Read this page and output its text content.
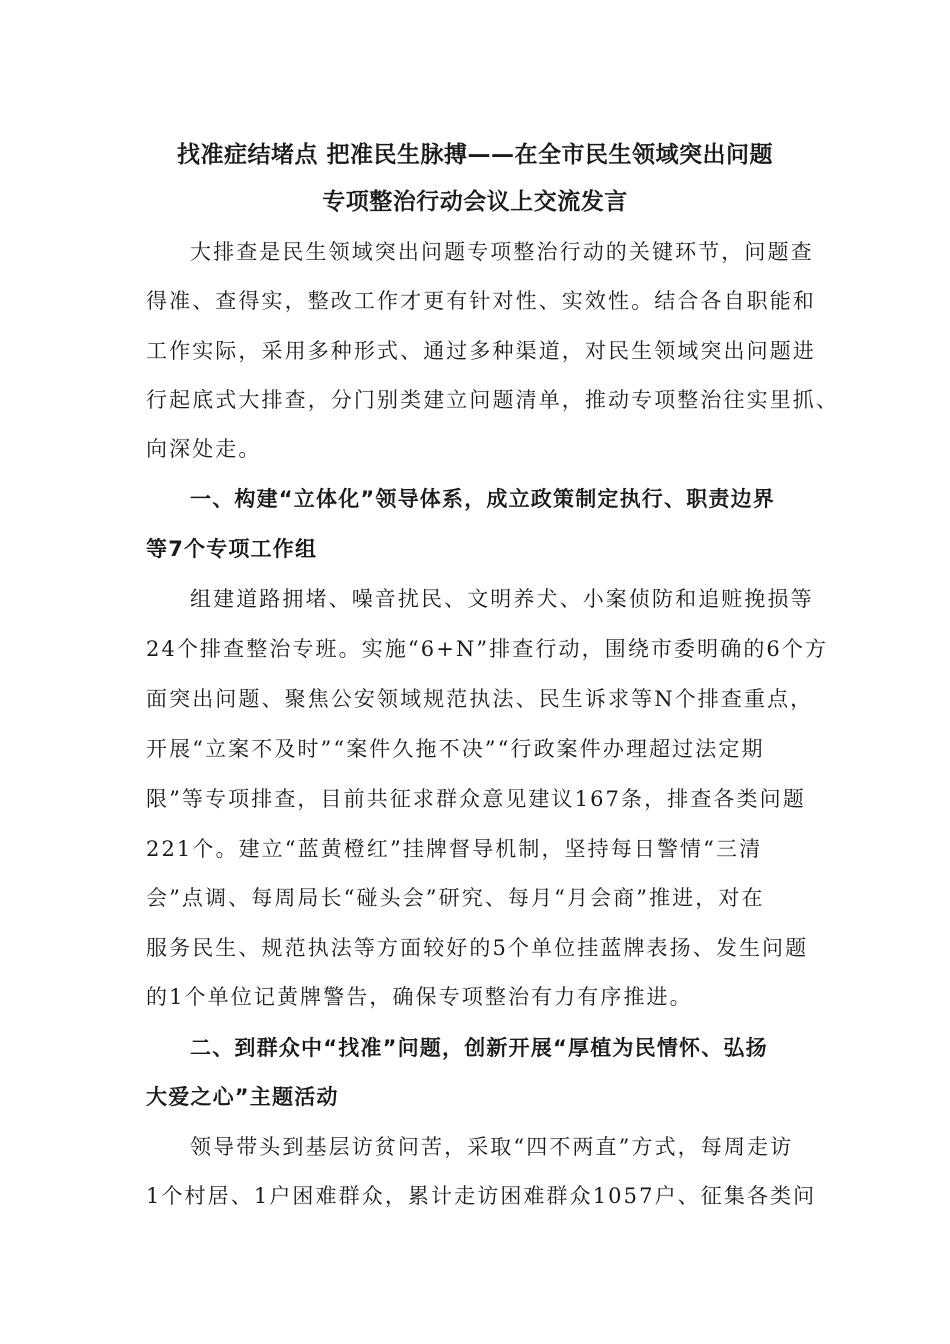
找准症结堵点 把准民生脉搏——在全市民生领域突出问题
专项整治行动会议上交流发言
大排查是民生领域突出问题专项整治行动的关键环节，问题查
得准、查得实，整改工作才更有针对性、实效性。结合各自职能和
工作实际，采用多种形式、通过多种渠道，对民生领域突出问题进
行起底式大排查，分门别类建立问题清单，推动专项整治往实里抓、
向深处走。
一、构建“立体化”领导体系，成立政策制定执行、职责边界
等7个专项工作组
组建道路拥堵、噪音扰民、文明养犬、小案侦防和追赃挽损等
24个排查整治专班。实施“6+N”排查行动，围绕市委明确的6个方
面突出问题、聚焦公安领域规范执法、民生诉求等N个排查重点，
开展“立案不及时”“案件久拖不决”“行政案件办理超过法定期
限”等专项排查，目前共征求群众意见建议167条，排查各类问题
221个。建立“蓝黄橙红”挂牌督导机制，坚持每日警情“三清
会”点调、每周局长“碰头会”研究、每月“月会商”推进，对在
服务民生、规范执法等方面较好的5个单位挂蓝牌表扬、发生问题
的1个单位记黄牌警告，确保专项整治有力有序推进。
二、到群众中“找准”问题，创新开展“厚植为民情怀、弘扬
大爱之心”主题活动
领导带头到基层访贫问苦，采取“四不两直”方式，每周走访
1个村居、1户困难群众，累计走访困难群众1057户、征集各类问
